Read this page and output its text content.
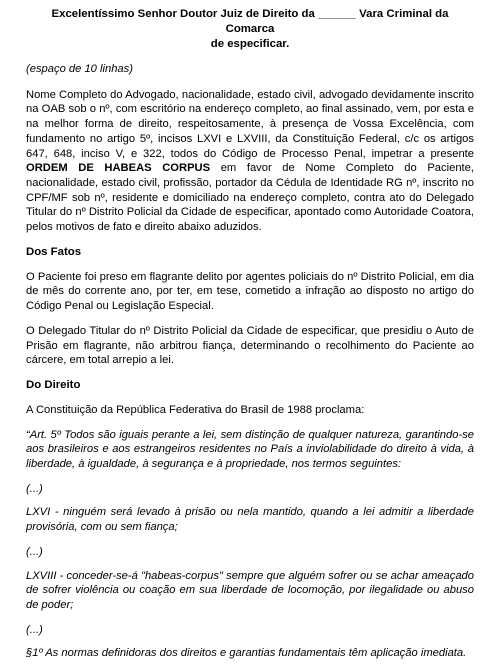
Excelentíssimo Senhor Doutor Juiz de Direito da ______ Vara Criminal da Comarca
de especificar.
(espaço de 10 linhas)

Nome Completo do Advogado, nacionalidade, estado civil, advogado devidamente inscrito na OAB sob o nº, com escritório na endereço completo, ao final assinado, vem, por esta e na melhor forma de direito, respeitosamente, à presença de Vossa Excelência, com fundamento no artigo 5º, incisos LXVI e LXVIII, da Constituição Federal, c/c os artigos 647, 648, inciso V, e 322, todos do Código de Processo Penal, impetrar a presente ORDEM DE HABEAS CORPUS em favor de Nome Completo do Paciente, nacionalidade, estado civil, profissão, portador da Cédula de Identidade RG nº, inscrito no CPF/MF sob nº, residente e domiciliado na endereço completo, contra ato do Delegado Titular do nº Distrito Policial da Cidade de especificar, apontado como Autoridade Coatora, pelos motivos de fato e direito abaixo aduzidos.

Dos Fatos

O Paciente foi preso em flagrante delito por agentes policiais do nº Distrito Policial, em dia de mês do corrente ano, por ter, em tese, cometido a infração ao disposto no artigo do Código Penal ou Legislação Especial.

O Delegado Titular do nº Distrito Policial da Cidade de especificar, que presidiu o Auto de Prisão em flagrante, não arbitrou fiança, determinando o recolhimento do Paciente ao cárcere, em total arrepio a lei.

Do Direito

A Constituição da República Federativa do Brasil de 1988 proclama:

“Art. 5º Todos são iguais perante a lei, sem distinção de qualquer natureza, garantindo-se aos brasileiros e aos estrangeiros residentes no País a inviolabilidade do direito à vida, à liberdade, à igualdade, à segurança e à propriedade, nos termos seguintes:

(...)

LXVI - ninguém será levado à prisão ou nela mantido, quando a lei admitir a liberdade provisória, com ou sem fiança;

(...)

LXVIII - conceder-se-á "habeas-corpus" sempre que alguém sofrer ou se achar ameaçado de sofrer violência ou coação em sua liberdade de locomoção, por ilegalidade ou abuso de poder;

(...)

§1º As normas definidoras dos direitos e garantias fundamentais têm aplicação imediata.
